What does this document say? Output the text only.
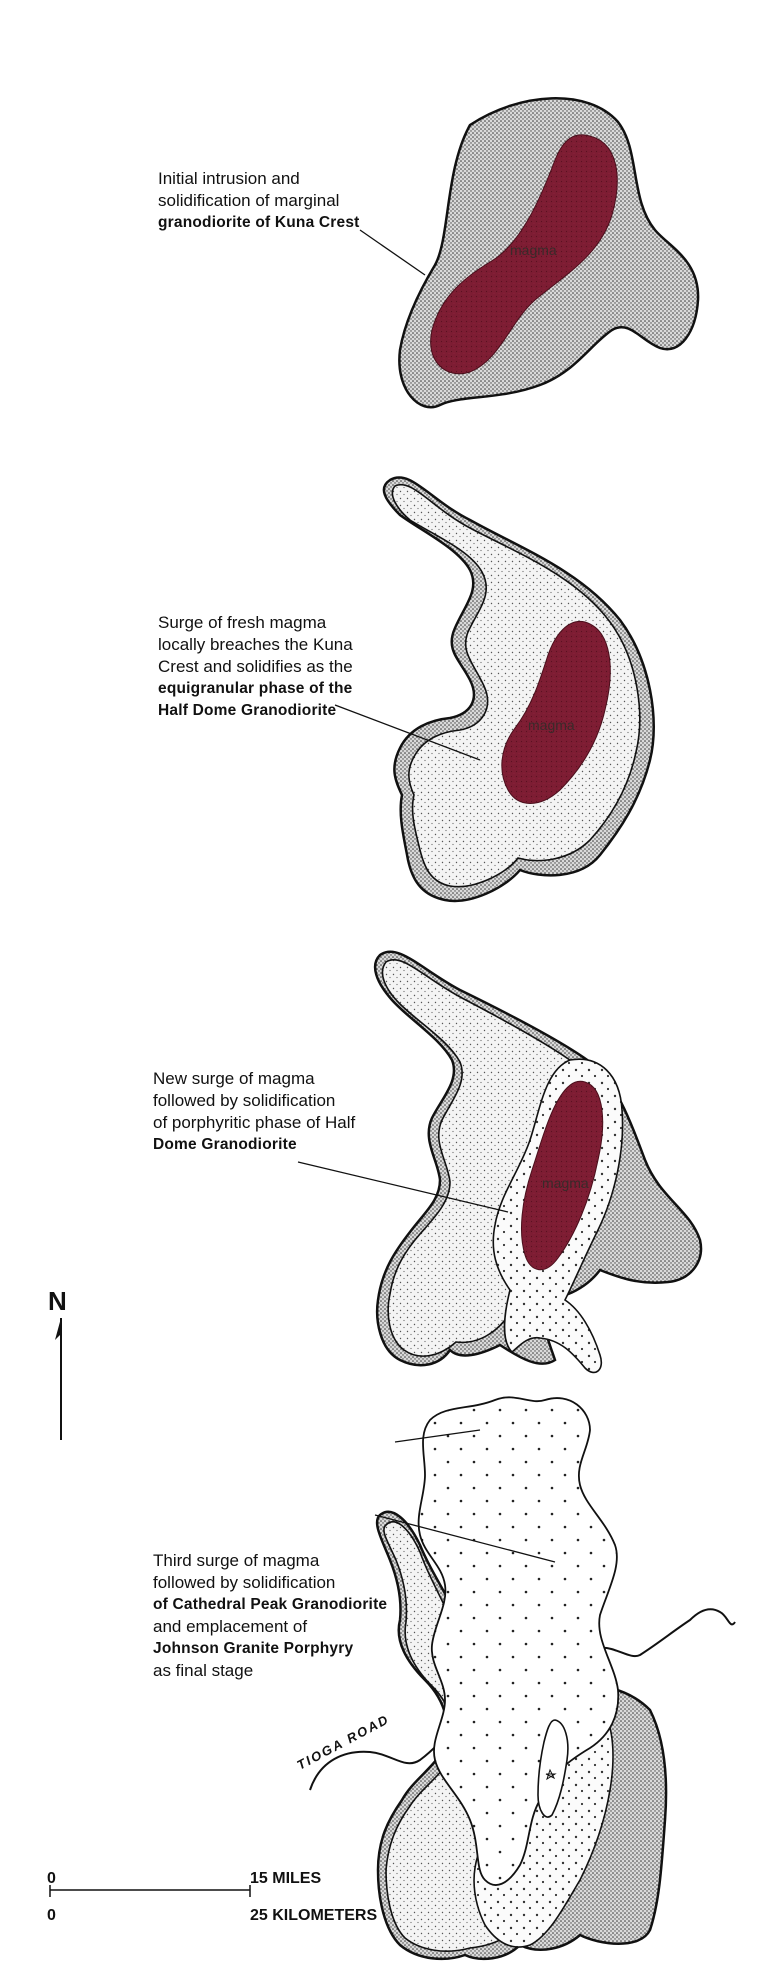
magma
magma
magma
N
TIOGA ROAD
0	15 MILES
0	25 KILOMETERS
Initial intrusion and
solidification of marginal
granodiorite of Kuna Crest
Surge of fresh magma
locally breaches the Kuna
Crest and solidifies as the
equigranular phase of the
Half Dome Granodiorite
New surge of magma
followed by solidification
of porphyritic phase of Half
Dome Granodiorite
Third surge of magma
followed by solidification
of Cathedral Peak Granodiorite
and emplacement of
Johnson Granite Porphyry
as final stage
